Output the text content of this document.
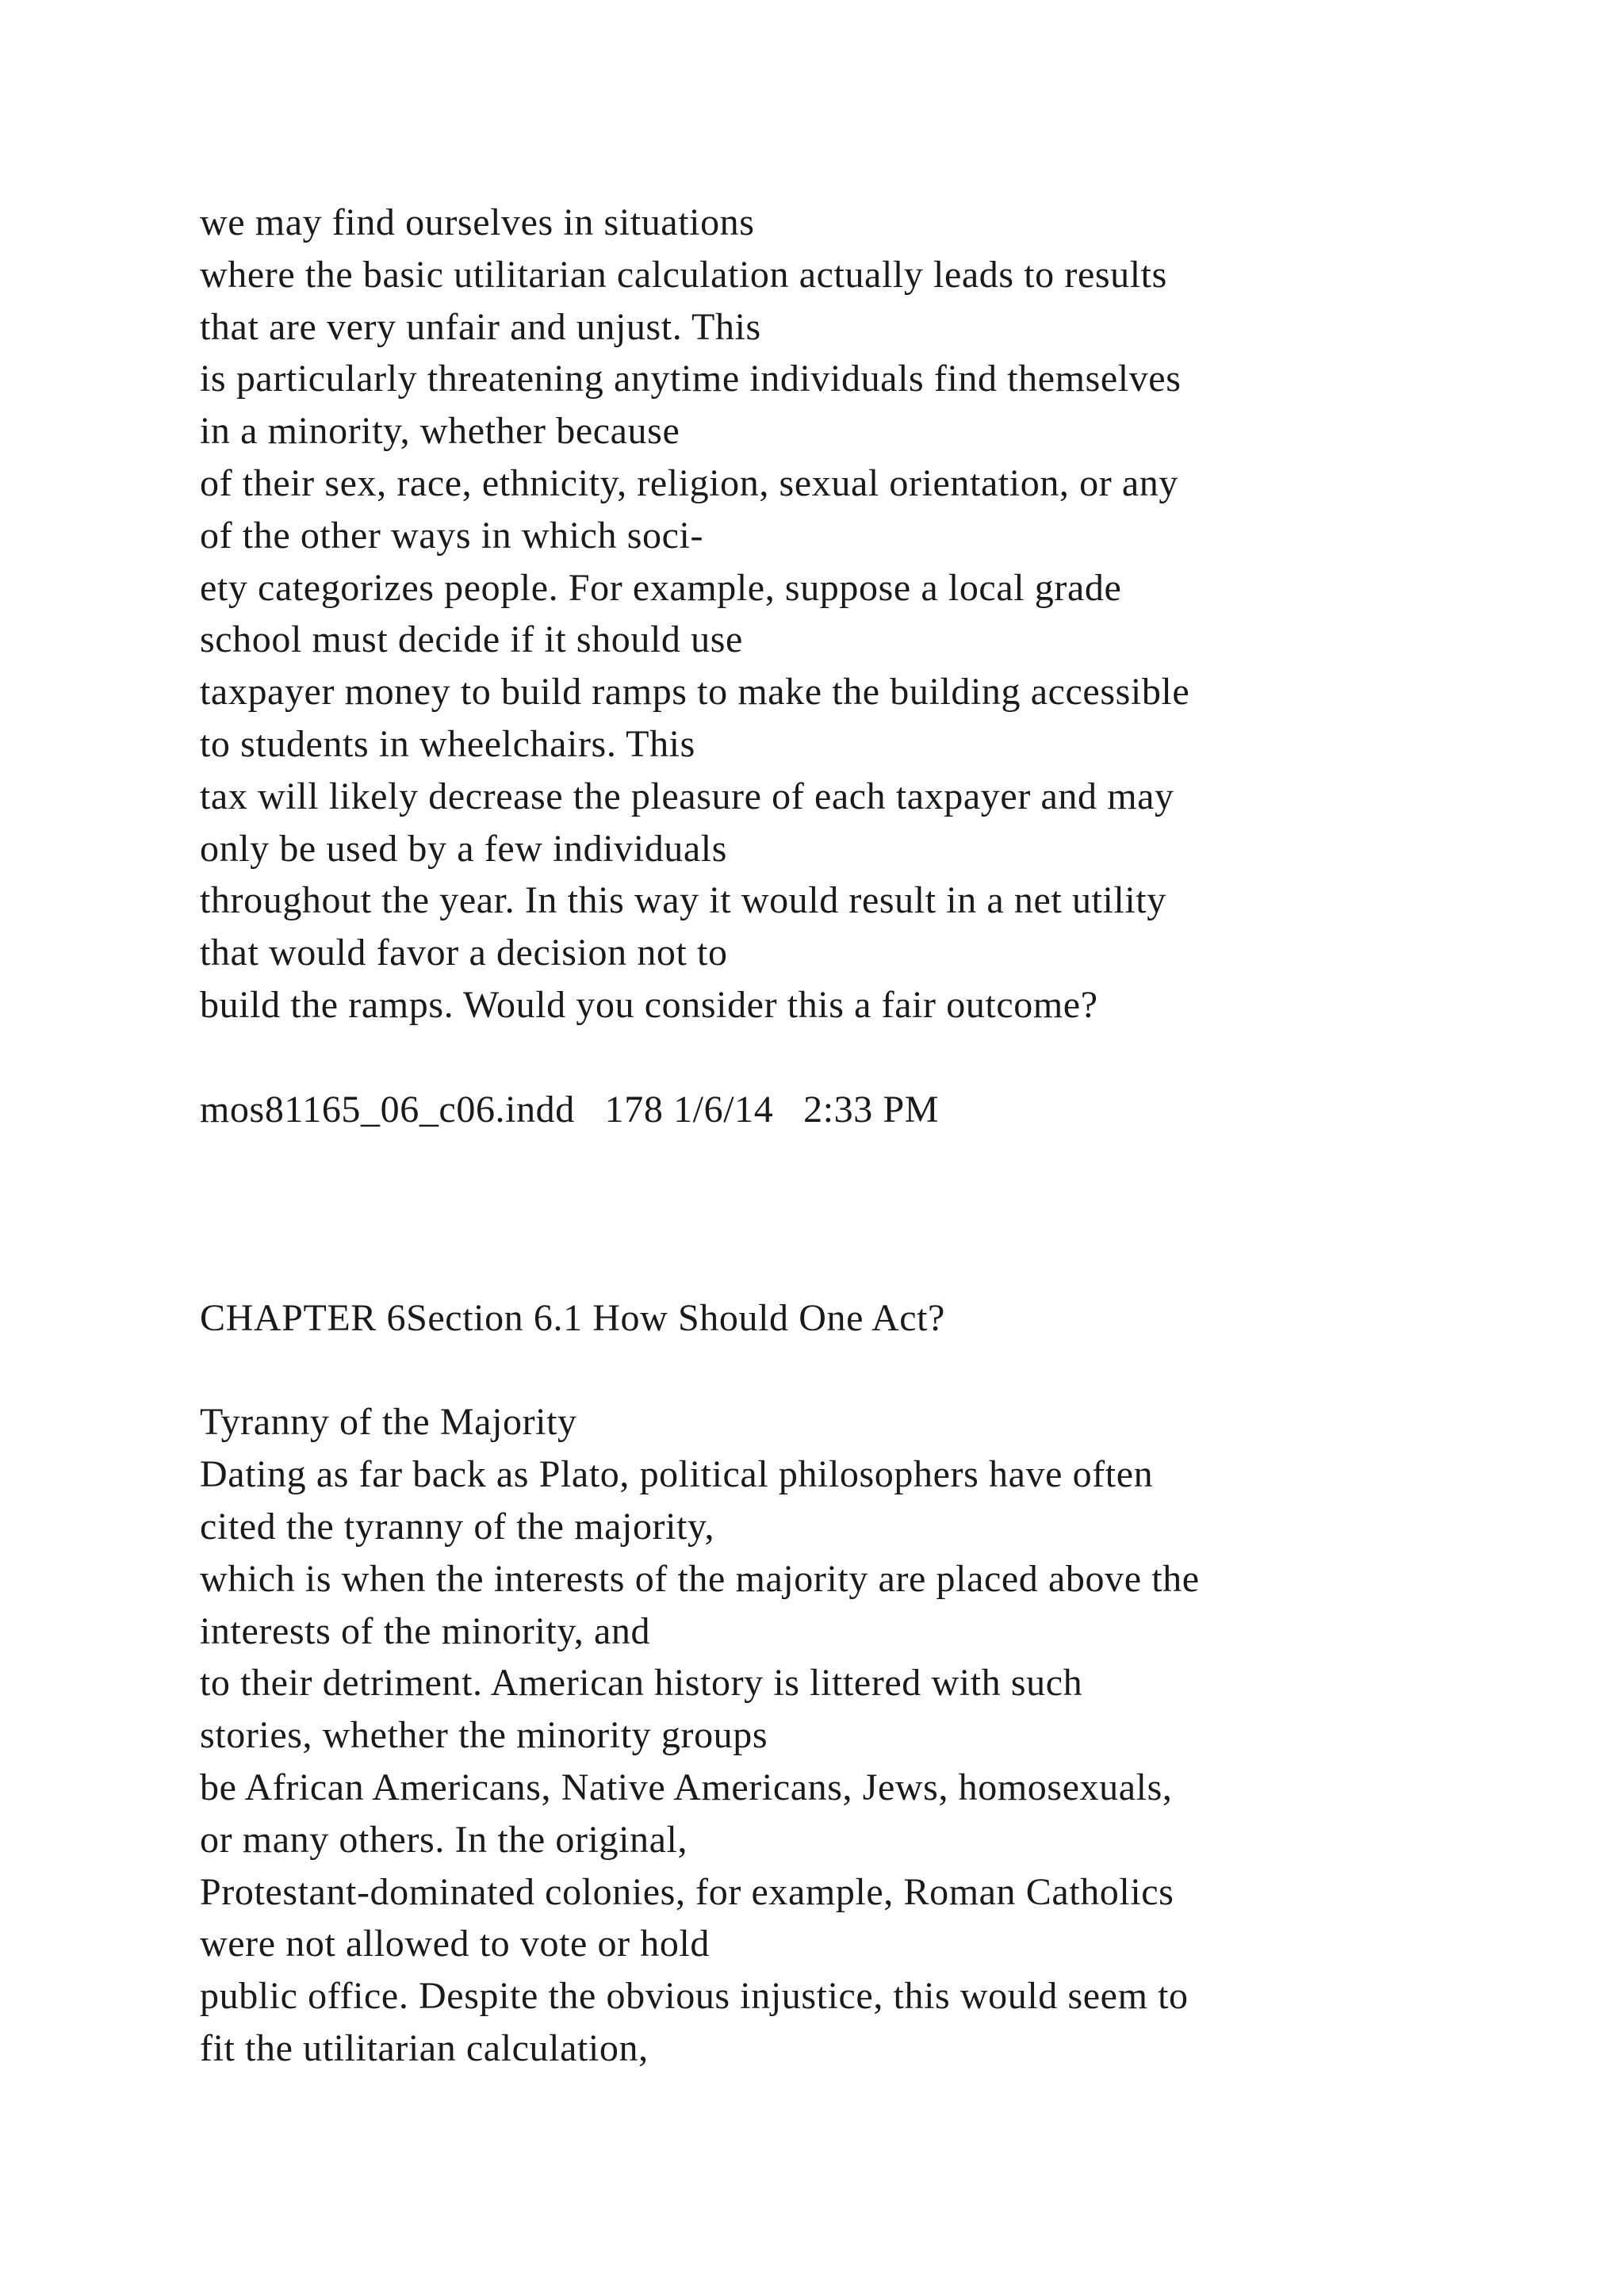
we may find ourselves in situations
where the basic utilitarian calculation actually leads to results
that are very unfair and unjust. This
is particularly threatening anytime individuals find themselves
in a minority, whether because
of their sex, race, ethnicity, religion, sexual orientation, or any
of the other ways in which soci-
ety categorizes people. For example, suppose a local grade
school must decide if it should use
taxpayer money to build ramps to make the building accessible
to students in wheelchairs. This
tax will likely decrease the pleasure of each taxpayer and may
only be used by a few individuals
throughout the year. In this way it would result in a net utility
that would favor a decision not to
build the ramps. Would you consider this a fair outcome?
mos81165_06_c06.indd   178 1/6/14   2:33 PM
CHAPTER 6Section 6.1 How Should One Act?
Tyranny of the Majority
Dating as far back as Plato, political philosophers have often
cited the tyranny of the majority,
which is when the interests of the majority are placed above the
interests of the minority, and
to their detriment. American history is littered with such
stories, whether the minority groups
be African Americans, Native Americans, Jews, homosexuals,
or many others. In the original,
Protestant-dominated colonies, for example, Roman Catholics
were not allowed to vote or hold
public office. Despite the obvious injustice, this would seem to
fit the utilitarian calculation,
